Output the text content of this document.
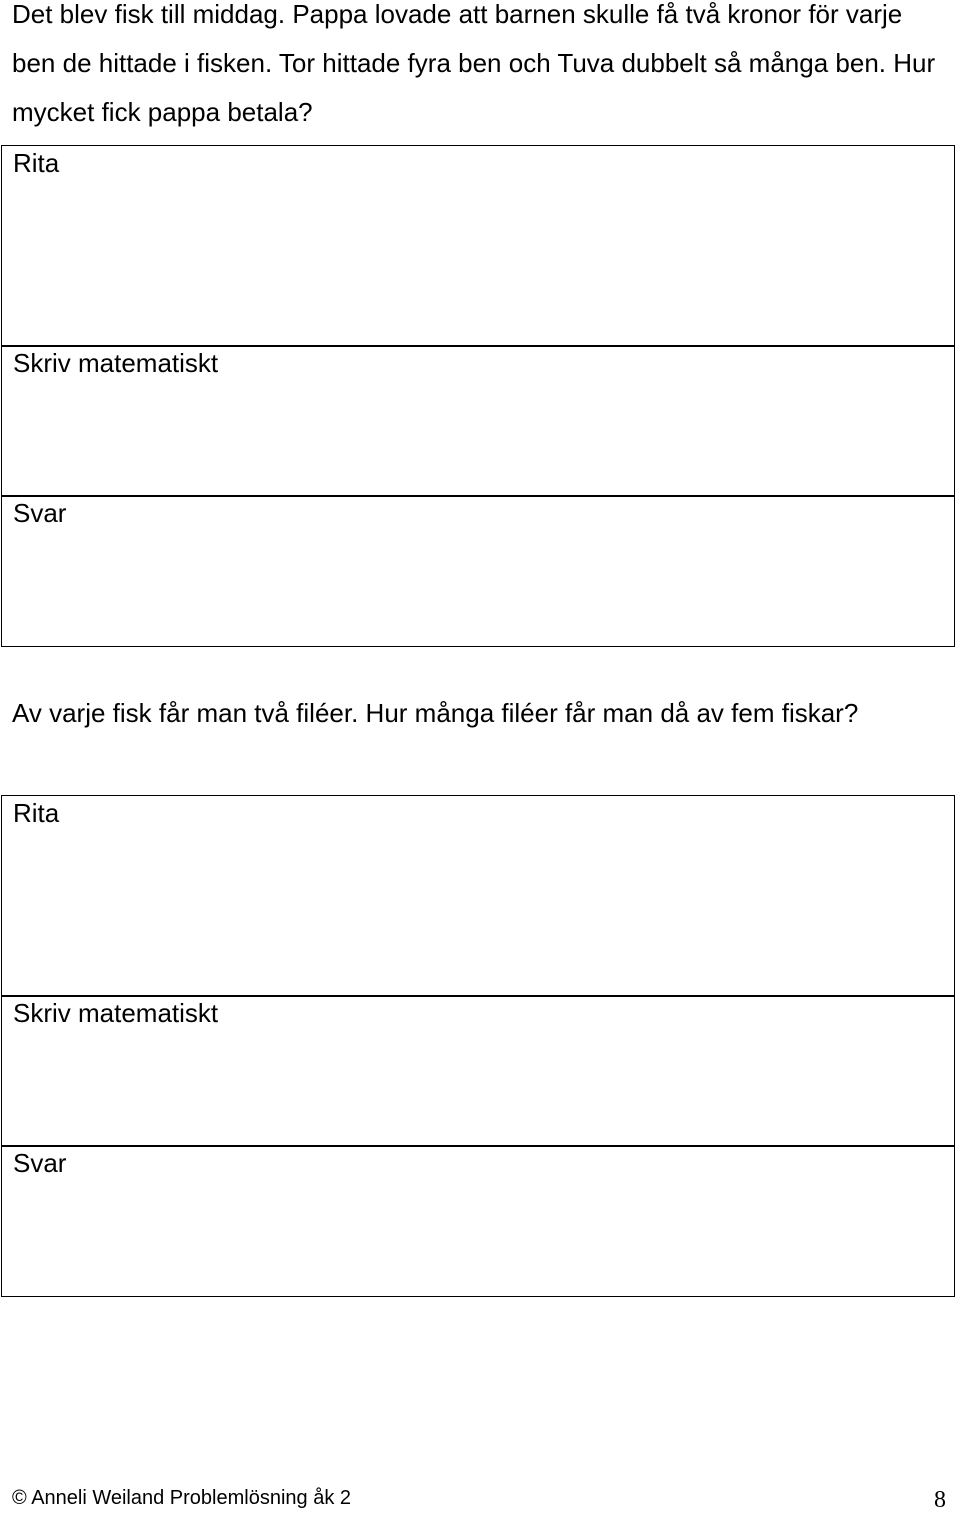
Det blev fisk till middag. Pappa lovade att barnen skulle få två kronor för varje ben de hittade i fisken. Tor hittade fyra ben och Tuva dubbelt så många ben. Hur mycket fick pappa betala?

Rita
Skriv matematiskt
Svar

Av varje fisk får man två filéer. Hur många filéer får man då av fem fiskar?

Rita
Skriv matematiskt
Svar
© Anneli Weiland Problemlösning åk 2	8
